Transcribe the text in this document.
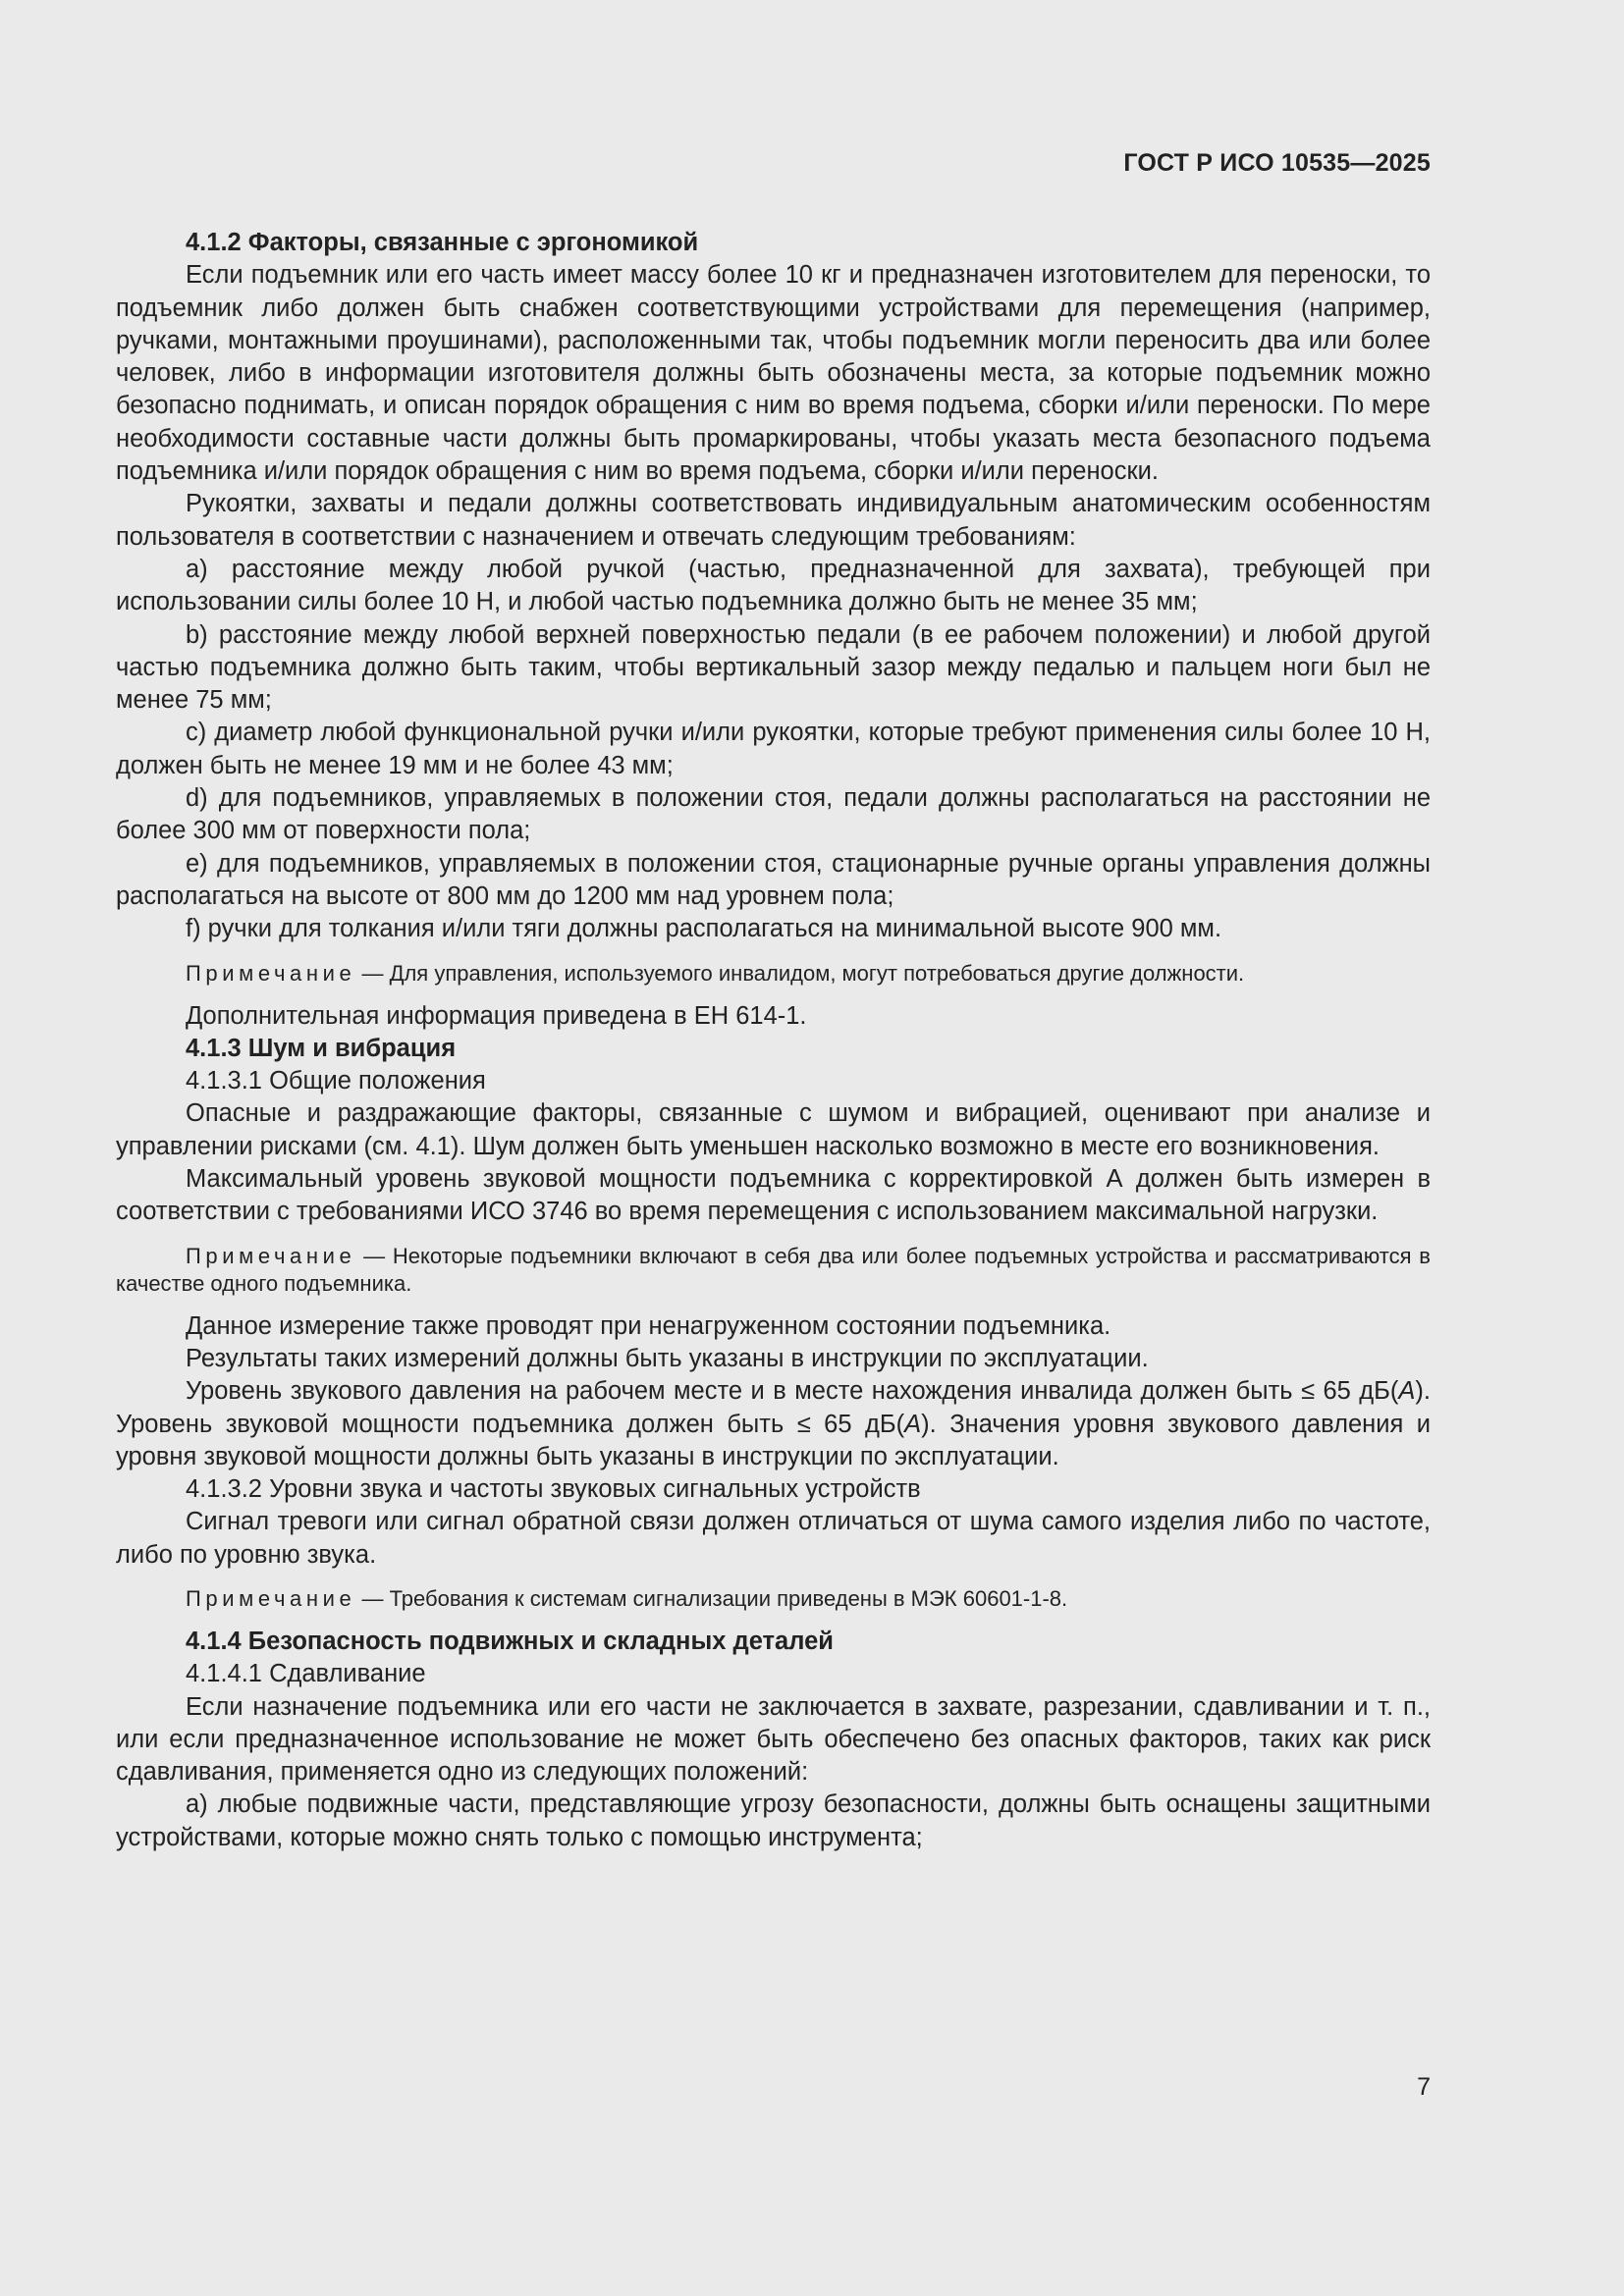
ГОСТ Р ИСО 10535—2025

4.1.2 Факторы, связанные с эргономикой

Если подъемник или его часть имеет массу более 10 кг и предназначен изготовителем для переноски, то подъемник либо должен быть снабжен соответствующими устройствами для перемещения (например, ручками, монтажными проушинами), расположенными так, чтобы подъемник могли переносить два или более человек, либо в информации изготовителя должны быть обозначены места, за которые подъемник можно безопасно поднимать, и описан порядок обращения с ним во время подъема, сборки и/или переноски. По мере необходимости составные части должны быть промаркированы, чтобы указать места безопасного подъема подъемника и/или порядок обращения с ним во время подъема, сборки и/или переноски.

Рукоятки, захваты и педали должны соответствовать индивидуальным анатомическим особенностям пользователя в соответствии с назначением и отвечать следующим требованиям:

a) расстояние между любой ручкой (частью, предназначенной для захвата), требующей при использовании силы более 10 Н, и любой частью подъемника должно быть не менее 35 мм;

b) расстояние между любой верхней поверхностью педали (в ее рабочем положении) и любой другой частью подъемника должно быть таким, чтобы вертикальный зазор между педалью и пальцем ноги был не менее 75 мм;

c) диаметр любой функциональной ручки и/или рукоятки, которые требуют применения силы более 10 Н, должен быть не менее 19 мм и не более 43 мм;

d) для подъемников, управляемых в положении стоя, педали должны располагаться на расстоянии не более 300 мм от поверхности пола;

e) для подъемников, управляемых в положении стоя, стационарные ручные органы управления должны располагаться на высоте от 800 мм до 1200 мм над уровнем пола;

f) ручки для толкания и/или тяги должны располагаться на минимальной высоте 900 мм.

Примечание — Для управления, используемого инвалидом, могут потребоваться другие должности.

Дополнительная информация приведена в ЕН 614-1.

4.1.3 Шум и вибрация

4.1.3.1 Общие положения

Опасные и раздражающие факторы, связанные с шумом и вибрацией, оценивают при анализе и управлении рисками (см. 4.1). Шум должен быть уменьшен насколько возможно в месте его возникновения.

Максимальный уровень звуковой мощности подъемника с корректировкой А должен быть измерен в соответствии с требованиями ИСО 3746 во время перемещения с использованием максимальной нагрузки.

Примечание — Некоторые подъемники включают в себя два или более подъемных устройства и рассматриваются в качестве одного подъемника.

Данное измерение также проводят при ненагруженном состоянии подъемника.

Результаты таких измерений должны быть указаны в инструкции по эксплуатации.

Уровень звукового давления на рабочем месте и в месте нахождения инвалида должен быть ≤ 65 дБ(A). Уровень звуковой мощности подъемника должен быть ≤ 65 дБ(A). Значения уровня звукового давления и уровня звуковой мощности должны быть указаны в инструкции по эксплуатации.

4.1.3.2 Уровни звука и частоты звуковых сигнальных устройств

Сигнал тревоги или сигнал обратной связи должен отличаться от шума самого изделия либо по частоте, либо по уровню звука.

Примечание — Требования к системам сигнализации приведены в МЭК 60601-1-8.

4.1.4 Безопасность подвижных и складных деталей

4.1.4.1 Сдавливание

Если назначение подъемника или его части не заключается в захвате, разрезании, сдавливании и т. п., или если предназначенное использование не может быть обеспечено без опасных факторов, таких как риск сдавливания, применяется одно из следующих положений:

a) любые подвижные части, представляющие угрозу безопасности, должны быть оснащены защитными устройствами, которые можно снять только с помощью инструмента;

7
